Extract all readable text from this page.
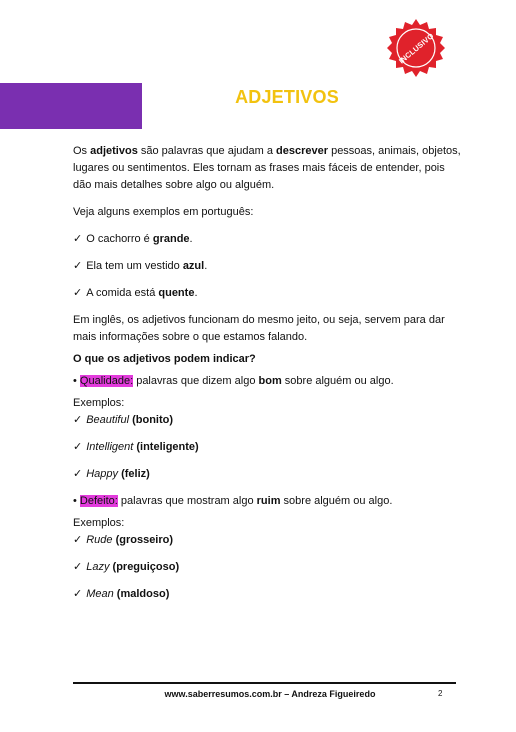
INCLUSIVO
ADJETIVOS

Os adjetivos são palavras que ajudam a descrever pessoas, animais, objetos, lugares ou sentimentos. Eles tornam as frases mais fáceis de entender, pois dão mais detalhes sobre algo ou alguém.

Veja alguns exemplos em português:

✓ O cachorro é grande.

✓ Ela tem um vestido azul.

✓ A comida está quente.

Em inglês, os adjetivos funcionam do mesmo jeito, ou seja, servem para dar mais informações sobre o que estamos falando.

O que os adjetivos podem indicar?

• Qualidade: palavras que dizem algo bom sobre alguém ou algo.

Exemplos:

✓ Beautiful (bonito)

✓ Intelligent (inteligente)

✓ Happy (feliz)

• Defeito: palavras que mostram algo ruim sobre alguém ou algo.

Exemplos:

✓ Rude (grosseiro)

✓ Lazy (preguiçoso)

✓ Mean (maldoso)

www.saberresumos.com.br – Andreza Figueiredo	2
